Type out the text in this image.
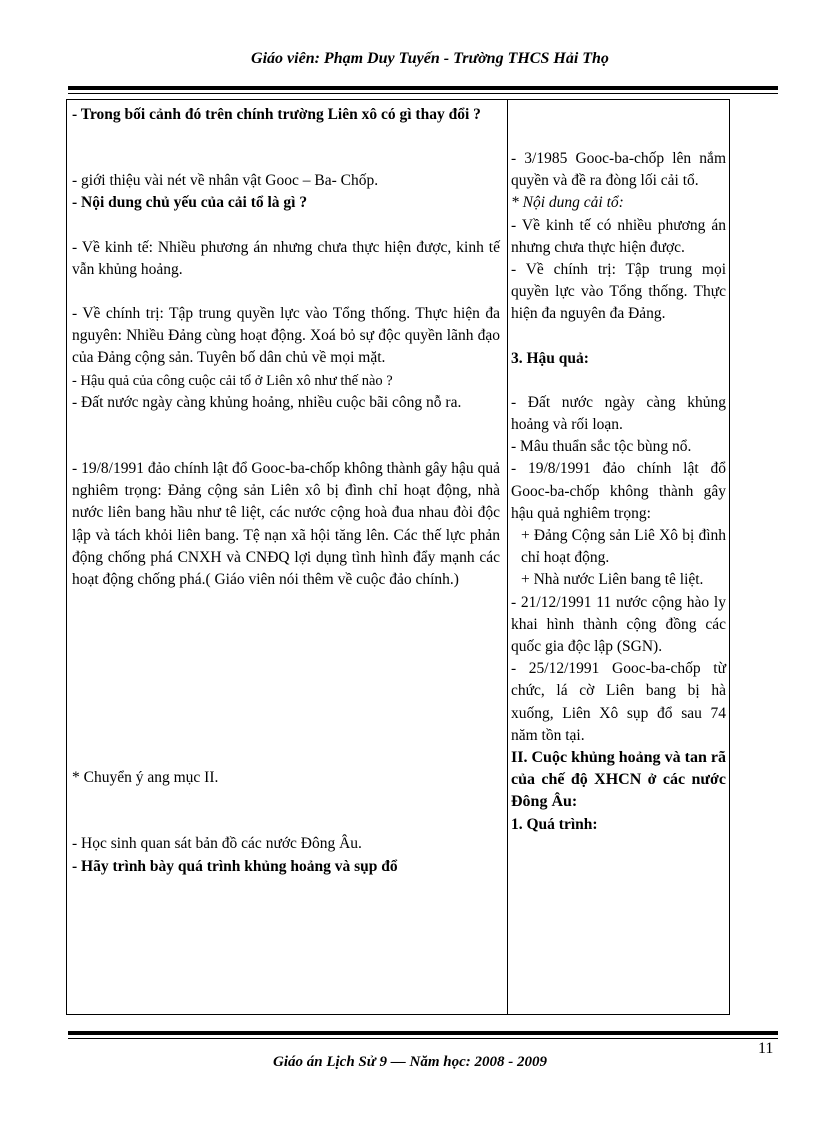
Giáo viên: Phạm Duy Tuyến - Trường THCS Hải Thọ

- Trong bối cảnh đó trên chính trường Liên xô có gì thay đổi ?

- giới thiệu vài nét về nhân vật Gooc – Ba- Chốp.

- Nội dung chủ yếu của cải tổ là gì ?

- Về kinh tế: Nhiều phương án nhưng chưa thực hiện được, kinh tế vẫn khủng hoảng.

- Về chính trị: Tập trung quyền lực vào Tổng thống. Thực hiện đa nguyên: Nhiều Đảng cùng hoạt động. Xoá bỏ sự độc quyền lãnh đạo của Đảng cộng sản. Tuyên bố dân chủ về mọi mặt.

- Hậu quả của công cuộc cải tổ ở Liên xô như thế nào ?

- Đất nước ngày càng khủng hoảng, nhiều cuộc bãi công nỗ ra.

- 19/8/1991 đảo chính lật đổ Gooc-ba-chốp không thành gây hậu quả nghiêm trọng: Đảng cộng sản Liên xô bị đình chỉ hoạt động, nhà nước liên bang hầu như tê liệt, các nước cộng hoà đua nhau đòi độc lập và tách khỏi liên bang. Tệ nạn xã hội tăng lên. Các thế lực phản động chống phá CNXH và CNĐQ lợi dụng tình hình đẩy mạnh các hoạt động chống phá.( Giáo viên nói thêm về cuộc đảo chính.)

* Chuyển ý ang mục II.

- Học sinh quan sát bản đồ các nước Đông Âu.

- Hãy trình bày quá trình khủng hoảng và sụp đổ

- 3/1985 Gooc-ba-chốp lên nắm quyền và đề ra đòng lối cải tổ.

* Nội dung cải tổ:

- Về kinh tế có nhiều phương án nhưng chưa thực hiện được.

- Về chính trị: Tập trung mọi quyền lực vào Tổng thống. Thực hiện đa nguyên đa Đảng.

3. Hậu quả:

- Đất nước ngày càng khủng hoảng và rối loạn.

- Mâu thuẩn sắc tộc bùng nổ.

- 19/8/1991 đảo chính lật đổ Gooc-ba-chốp không thành gây hậu quả nghiêm trọng:

+ Đảng Cộng sản Liê Xô bị đình chỉ hoạt động.

+ Nhà nước Liên bang tê liệt.

- 21/12/1991 11 nước cộng hào ly khai hình thành cộng đồng các quốc gia độc lập (SGN).

- 25/12/1991 Gooc-ba-chốp từ chức, lá cờ Liên bang bị hà xuống, Liên Xô sụp đổ sau 74 năm tồn tại.

II. Cuộc khủng hoảng và tan rã của chế độ XHCN ở các nước Đông Âu:

1. Quá trình:

Giáo án Lịch Sử 9 — Năm học: 2008 - 2009
11
